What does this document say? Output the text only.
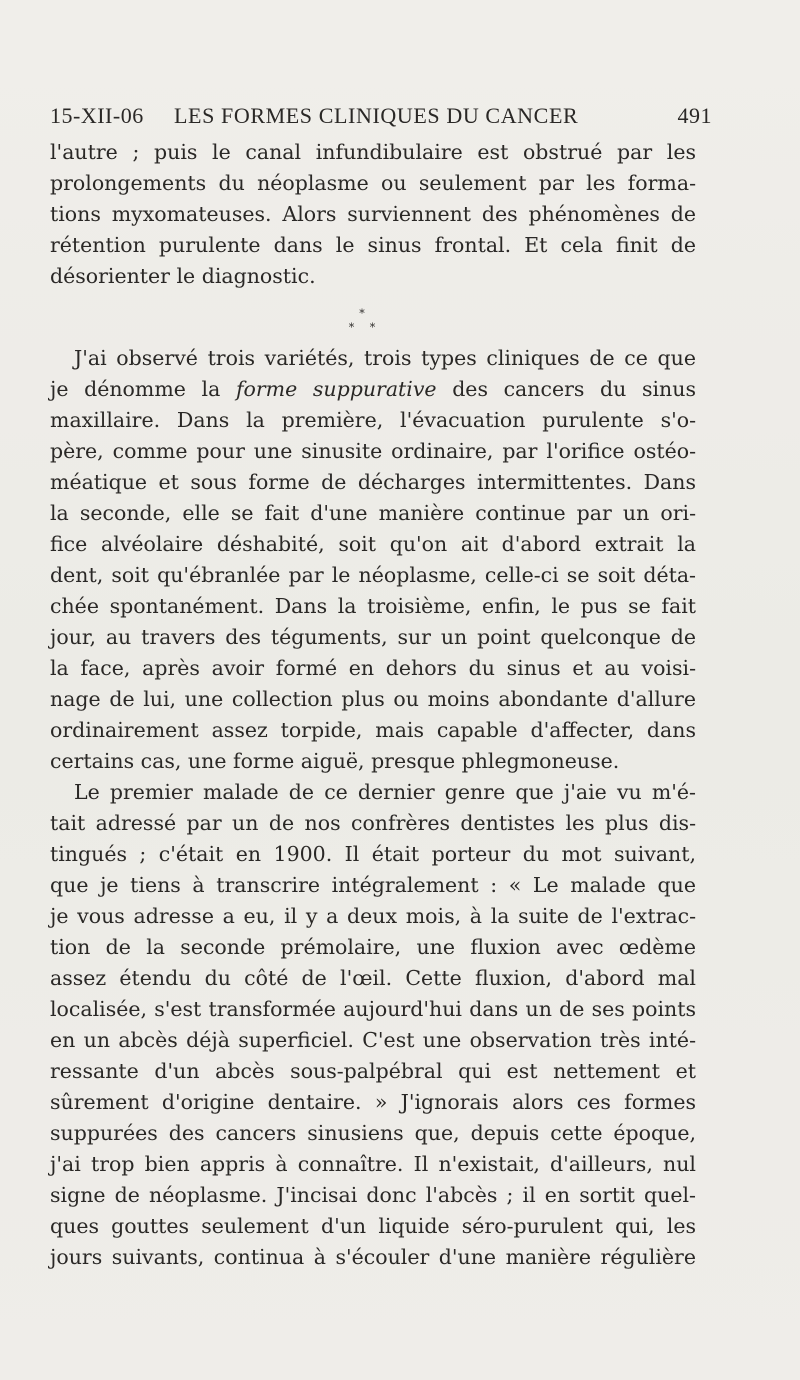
15-XII-06 LES FORMES CLINIQUES DU CANCER	491
l'autre ; puis le canal infundibulaire est obstrué par les
prolongements du néoplasme ou seulement par les forma-
tions myxomateuses. Alors surviennent des phénomènes de
rétention purulente dans le sinus frontal. Et cela finit de
désorienter le diagnostic.
*
* *
J'ai observé trois variétés, trois types cliniques de ce que
je dénomme la forme suppurative des cancers du sinus
maxillaire. Dans la première, l'évacuation purulente s'o-
père, comme pour une sinusite ordinaire, par l'orifice ostéo-
méatique et sous forme de décharges intermittentes. Dans
la seconde, elle se fait d'une manière continue par un ori-
fice alvéolaire déshabité, soit qu'on ait d'abord extrait la
dent, soit qu'ébranlée par le néoplasme, celle-ci se soit déta-
chée spontanément. Dans la troisième, enfin, le pus se fait
jour, au travers des téguments, sur un point quelconque de
la face, après avoir formé en dehors du sinus et au voisi-
nage de lui, une collection plus ou moins abondante d'allure
ordinairement assez torpide, mais capable d'affecter, dans
certains cas, une forme aiguë, presque phlegmoneuse.
Le premier malade de ce dernier genre que j'aie vu m'é-
tait adressé par un de nos confrères dentistes les plus dis-
tingués ; c'était en 1900. Il était porteur du mot suivant,
que je tiens à transcrire intégralement : « Le malade que
je vous adresse a eu, il y a deux mois, à la suite de l'extrac-
tion de la seconde prémolaire, une fluxion avec œdème
assez étendu du côté de l'œil. Cette fluxion, d'abord mal
localisée, s'est transformée aujourd'hui dans un de ses points
en un abcès déjà superficiel. C'est une observation très inté-
ressante d'un abcès sous-palpébral qui est nettement et
sûrement d'origine dentaire. » J'ignorais alors ces formes
suppurées des cancers sinusiens que, depuis cette époque,
j'ai trop bien appris à connaître. Il n'existait, d'ailleurs, nul
signe de néoplasme. J'incisai donc l'abcès ; il en sortit quel-
ques gouttes seulement d'un liquide séro-purulent qui, les
jours suivants, continua à s'écouler d'une manière régulière
